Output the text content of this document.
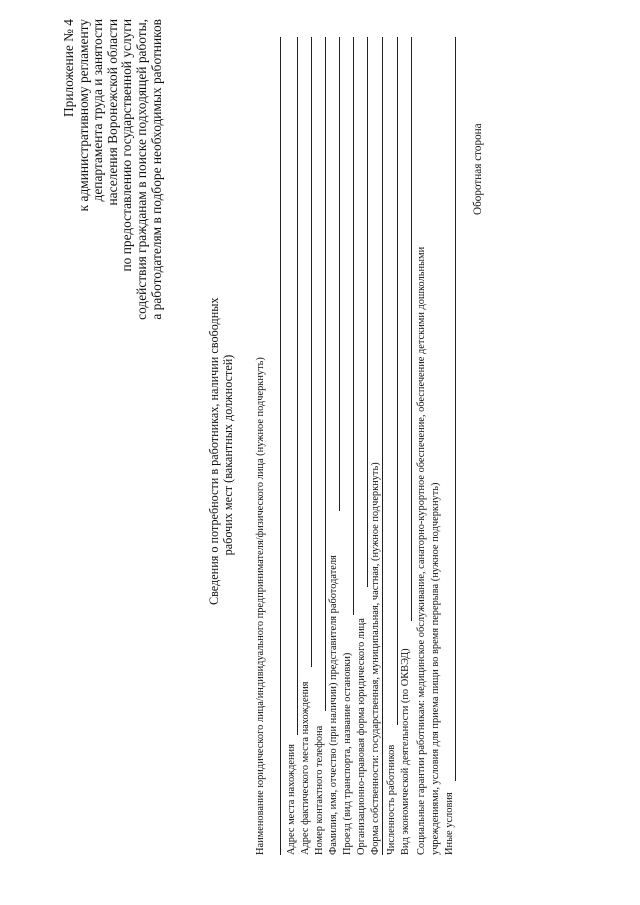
Приложение № 4 к административному регламенту департамента труда и занятости населения Воронежской области по предоставлению государственной услуги содействия гражданам в поиске подходящей работы, а работодателям в подборе необходимых работников
Сведения о потребности в работниках, наличии свободных рабочих мест (вакантных должностей) Наименование юридического лица/индивидуального предпринимателя/физического лица (нужное подчеркнуть) Адрес места нахождения Адрес фактического места нахождения Номер контактного телефона Фамилия, имя, отчество (при наличии) представителя работодателя Проезд (вид транспорта, название остановки) Организационно-правовая форма юридического лица Форма собственности: государственная, муниципальная, частная, (нужное подчеркнуть) Численность работников Вид экономической деятельности (по ОКВЭД) Социальные гарантии работникам: медицинское обслуживание, санаторно-курортное обеспечение, обеспечение детскими дошкольными учреждениями, условия для приема пищи во время перерыва (нужное подчеркнуть) Иные условия
Оборотная сторона
